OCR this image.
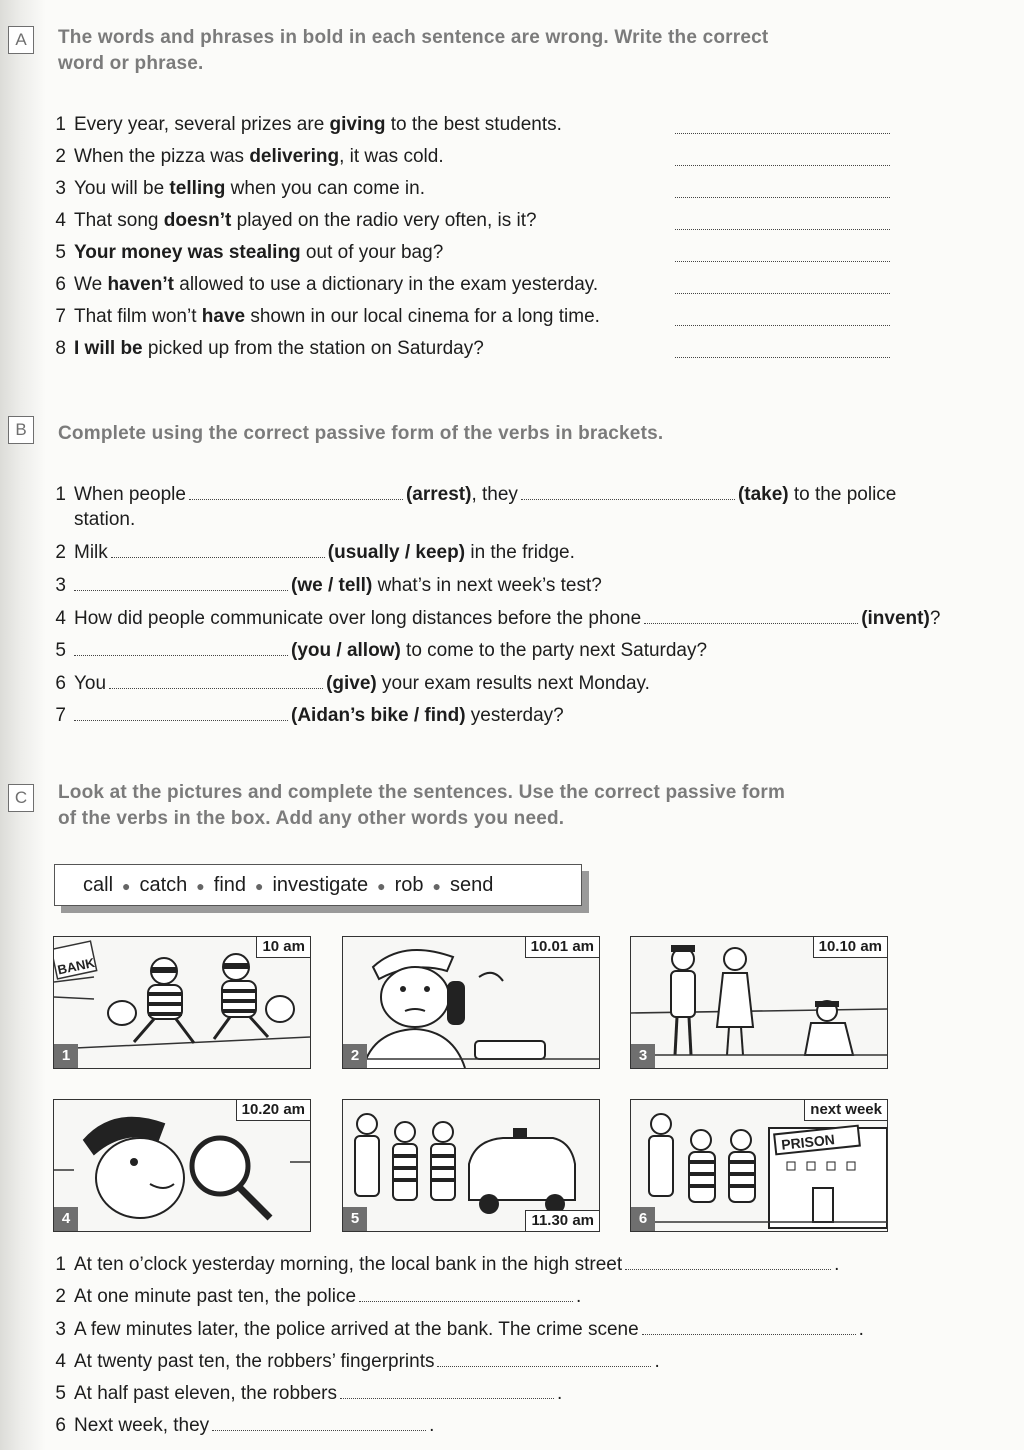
A	The words and phrases in bold in each sentence are wrong. Write the correct
word or phrase.
1 Every year, several prizes are giving to the best students.
2 When the pizza was delivering, it was cold.
3 You will be telling when you can come in.
4 That song doesn’t played on the radio very often, is it?
5 Your money was stealing out of your bag?
6 We haven’t allowed to use a dictionary in the exam yesterday.
7 That film won’t have shown in our local cinema for a long time.
8 I will be picked up from the station on Saturday?
B	Complete using the correct passive form of the verbs in brackets.
1 When people	(arrest), they	(take) to the police
station.
2 Milk	(usually / keep) in the fridge.
3	(we / tell) what’s in next week’s test?
4 How did people communicate over long distances before the phone	(invent)?
5	(you / allow) to come to the party next Saturday?
6 You	(give) your exam results next Monday.
7	(Aidan’s bike / find) yesterday?
C	Look at the pictures and complete the sentences. Use the correct passive form
of the verbs in the box. Add any other words you need.
call ● catch ● find ● investigate ● rob ● send
BANK
10 am
1
10.01 am
2
10.10 am
3
10.20 am
4	11.30 am
5
PRISON
next week
6
1 At ten o’clock yesterday morning, the local bank in the high street	.
2 At one minute past ten, the police	.
3 A few minutes later, the police arrived at the bank. The crime scene	.
4 At twenty past ten, the robbers’ fingerprints	.
5 At half past eleven, the robbers	.
6 Next week, they	.
